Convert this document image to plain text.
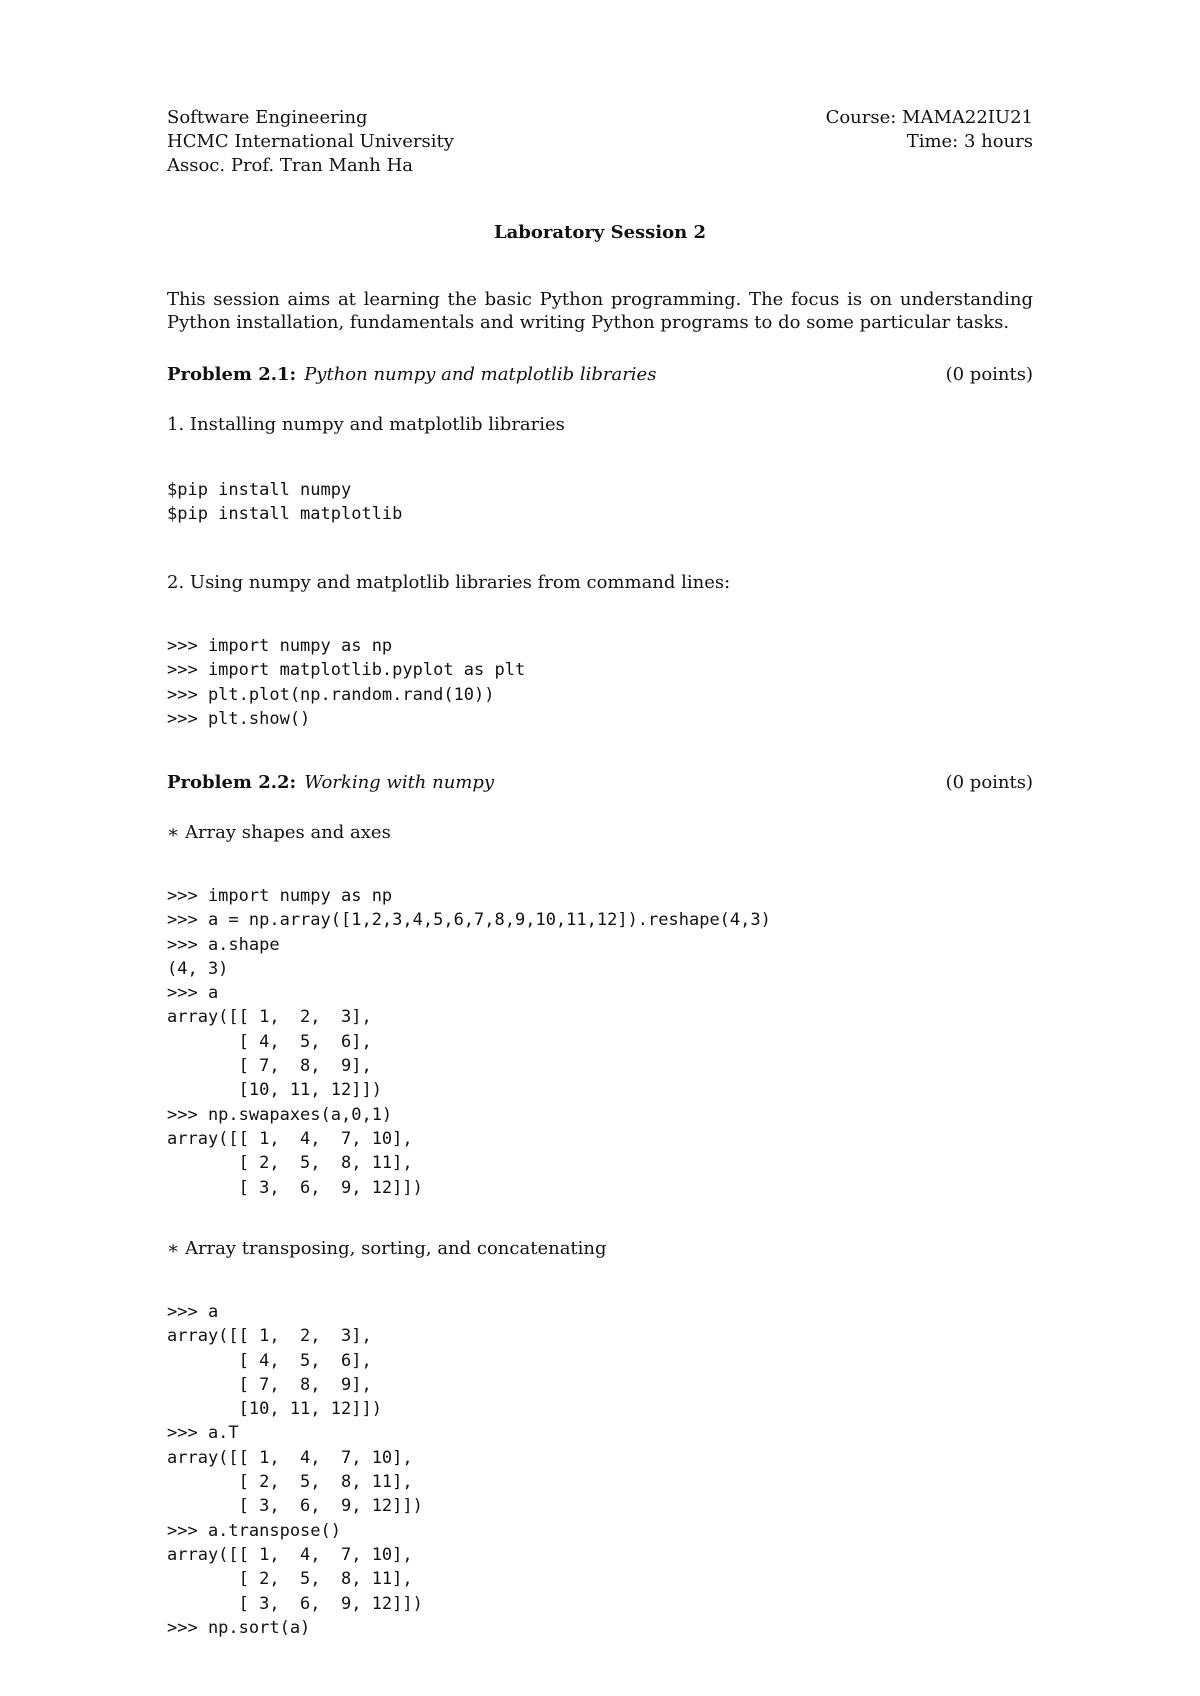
Software Engineering
HCMC International University
Assoc. Prof. Tran Manh Ha
Course: MAMA22IU21
Time: 3 hours
Laboratory Session 2
This session aims at learning the basic Python programming. The focus is on understanding Python installation, fundamentals and writing Python programs to do some particular tasks.
Problem 2.1: Python numpy and matplotlib libraries	(0 points)
1. Installing numpy and matplotlib libraries
$pip install numpy
$pip install matplotlib
2. Using numpy and matplotlib libraries from command lines:
>>> import numpy as np
>>> import matplotlib.pyplot as plt
>>> plt.plot(np.random.rand(10))
>>> plt.show()
Problem 2.2: Working with numpy	(0 points)
∗ Array shapes and axes
>>> import numpy as np
>>> a = np.array([1,2,3,4,5,6,7,8,9,10,11,12]).reshape(4,3)
>>> a.shape
(4, 3)
>>> a
array([[ 1,  2,  3],
[ 4,  5,  6],
[ 7,  8,  9],
[10, 11, 12]])
>>> np.swapaxes(a,0,1)
array([[ 1,  4,  7, 10],
[ 2,  5,  8, 11],
[ 3,  6,  9, 12]])
∗ Array transposing, sorting, and concatenating
>>> a
array([[ 1,  2,  3],
[ 4,  5,  6],
[ 7,  8,  9],
[10, 11, 12]])
>>> a.T
array([[ 1,  4,  7, 10],
[ 2,  5,  8, 11],
[ 3,  6,  9, 12]])
>>> a.transpose()
array([[ 1,  4,  7, 10],
[ 2,  5,  8, 11],
[ 3,  6,  9, 12]])
>>> np.sort(a)
